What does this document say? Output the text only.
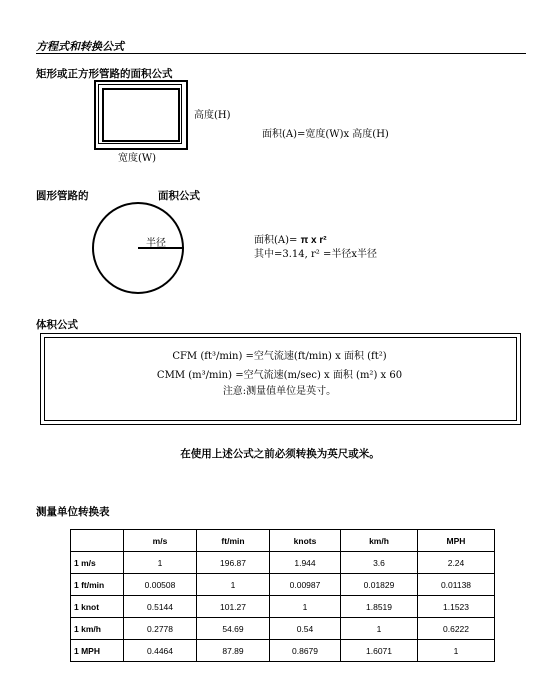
方程式和转换公式
矩形或正方形管路的面积公式
高度(H)
宽度(W)
面积(A)=宽度(W)x 高度(H)
圆形管路的	面积公式
半径	面积(A)= π x r²
其中=3.14, r² =半径x半径
体积公式
CFM (ft³/min) =空气流速(ft/min) x 面积 (ft²)
CMM (m³/min) =空气流速(m/sec) x 面积 (m²) x 60
注意:测量值单位是英寸。
在使用上述公式之前必须转换为英尺或米。
测量单位转换表
	m/s	ft/min	knots	km/h	MPH
1 m/s	1	196.87	1.944	3.6	2.24
1 ft/min	0.00508	1	0.00987	0.01829	0.01138
1 knot	0.5144	101.27	1	1.8519	1.1523
1 km/h	0.2778	54.69	0.54	1	0.6222
1 MPH	0.4464	87.89	0.8679	1.6071	1
